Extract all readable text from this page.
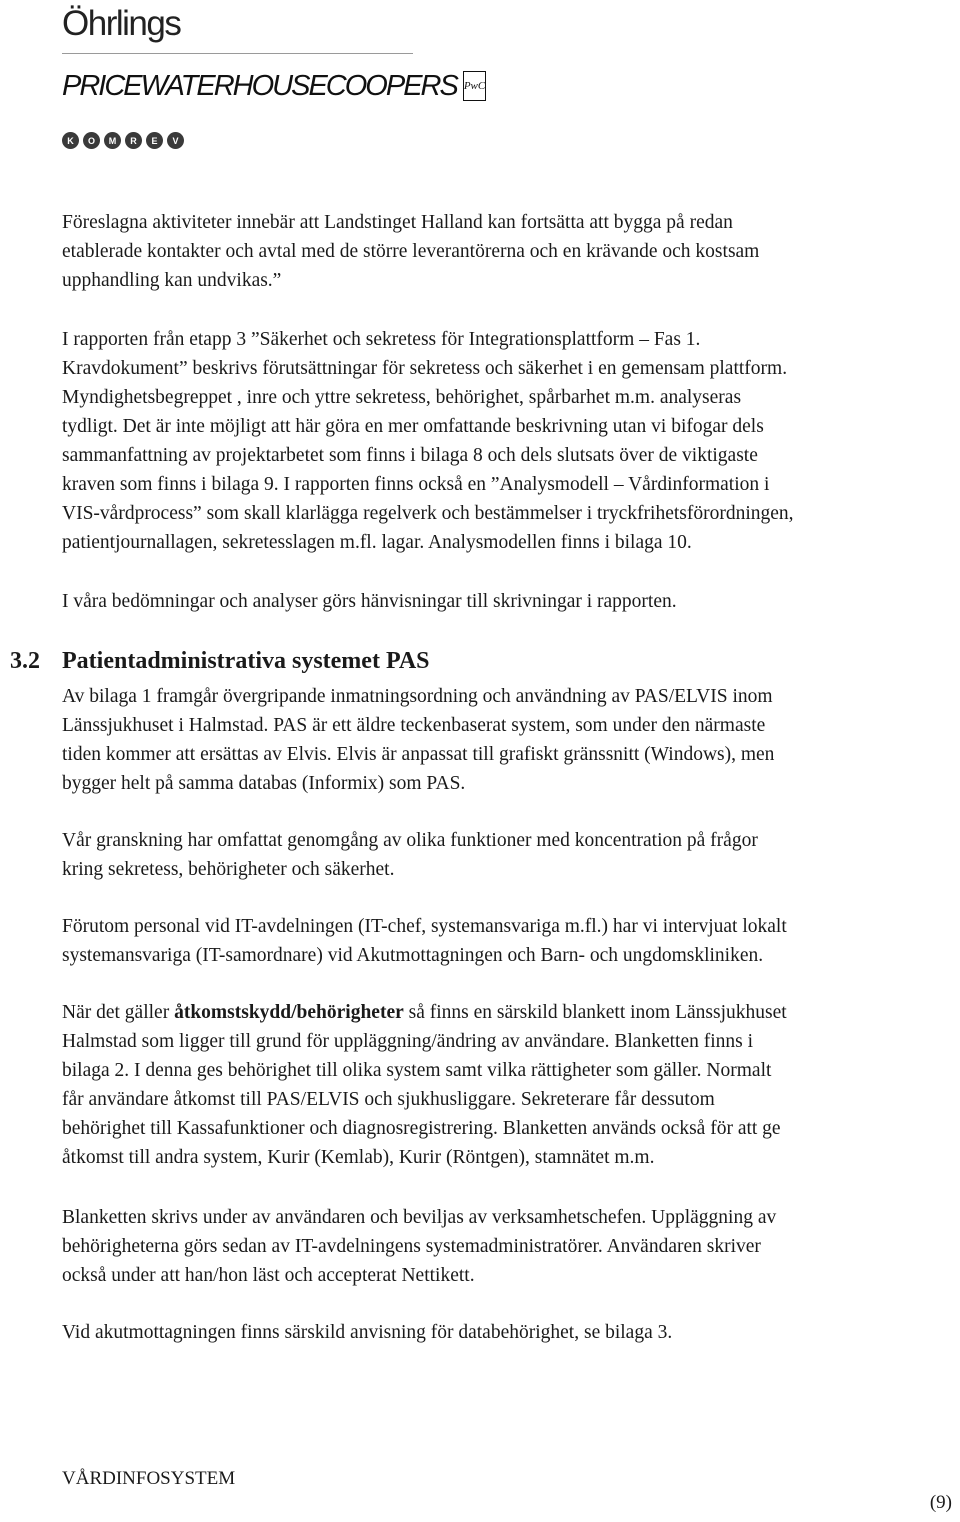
Öhrlings
PRICEWATERHOUSECOOPERS PwC
K	O	M	R	E	V
Föreslagna aktiviteter innebär att Landstinget Halland kan fortsätta att bygga på redan
etablerade kontakter och avtal med de större leverantörerna och en krävande och kostsam
upphandling kan undvikas.”
I rapporten från etapp 3 ”Säkerhet och sekretess för Integrationsplattform – Fas 1.
Kravdokument” beskrivs förutsättningar för sekretess och säkerhet i en gemensam plattform.
Myndighetsbegreppet , inre och yttre sekretess, behörighet, spårbarhet m.m. analyseras
tydligt. Det är inte möjligt att här göra en mer omfattande beskrivning utan vi bifogar dels
sammanfattning av projektarbetet som finns i bilaga 8 och dels slutsats över de viktigaste
kraven som finns i bilaga 9. I rapporten finns också en ”Analysmodell – Vårdinformation i
VIS-vårdprocess” som skall klarlägga regelverk och bestämmelser i tryckfrihetsförordningen,
patientjournallagen, sekretesslagen m.fl. lagar. Analysmodellen finns i bilaga 10.
I våra bedömningar och analyser görs hänvisningar till skrivningar i rapporten.
3.2 Patientadministrativa systemet PAS
Av bilaga 1 framgår övergripande inmatningsordning och användning av PAS/ELVIS inom
Länssjukhuset i Halmstad. PAS är ett äldre teckenbaserat system, som under den närmaste
tiden kommer att ersättas av Elvis. Elvis är anpassat till grafiskt gränssnitt (Windows), men
bygger helt på samma databas (Informix) som PAS.
Vår granskning har omfattat genomgång av olika funktioner med koncentration på frågor
kring sekretess, behörigheter och säkerhet.
Förutom personal vid IT-avdelningen (IT-chef, systemansvariga m.fl.) har vi intervjuat lokalt
systemansvariga (IT-samordnare) vid Akutmottagningen och Barn- och ungdomskliniken.
När det gäller åtkomstskydd/behörigheter så finns en särskild blankett inom Länssjukhuset
Halmstad som ligger till grund för uppläggning/ändring av användare. Blanketten finns i
bilaga 2. I denna ges behörighet till olika system samt vilka rättigheter som gäller. Normalt
får användare åtkomst till PAS/ELVIS och sjukhusliggare. Sekreterare får dessutom
behörighet till Kassafunktioner och diagnosregistrering. Blanketten används också för att ge
åtkomst till andra system, Kurir (Kemlab), Kurir (Röntgen), stamnätet m.m.
Blanketten skrivs under av användaren och beviljas av verksamhetschefen. Uppläggning av
behörigheterna görs sedan av IT-avdelningens systemadministratörer. Användaren skriver
också under att han/hon läst och accepterat Nettikett.
Vid akutmottagningen finns särskild anvisning för databehörighet, se bilaga 3.
VÅRDINFOSYSTEM
(9)
